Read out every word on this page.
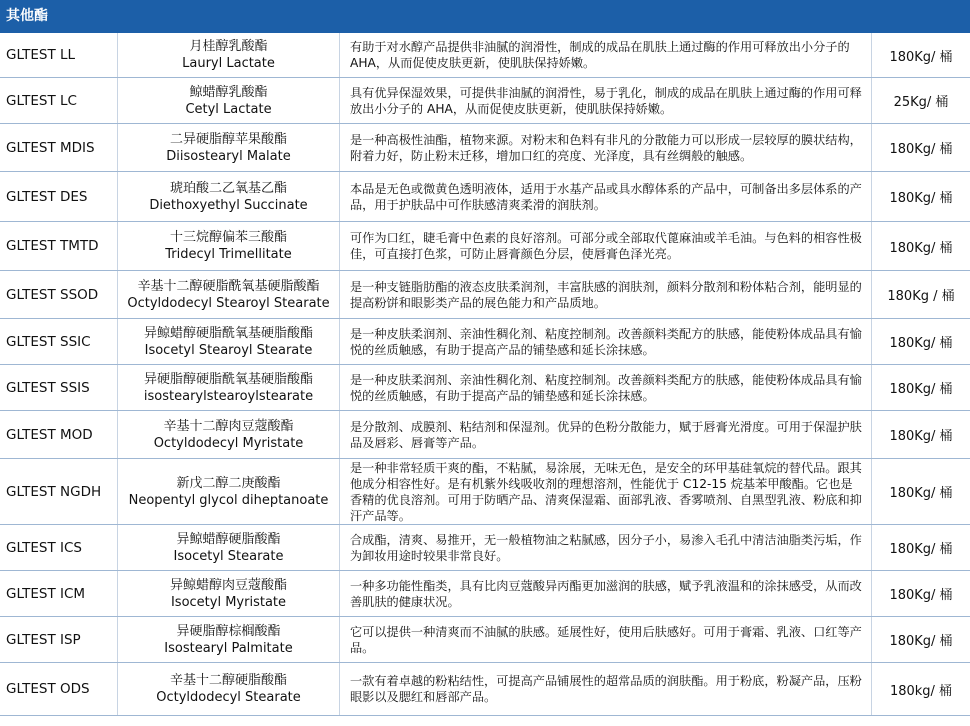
其他酯
GLTEST LL
月桂醇乳酸酯
Lauryl Lactate
有助于对水醇产品提供非油腻的润滑性，制成的成品在肌肤上通过酶的作用可释放出小分子的 AHA，从而促使皮肤更新，使肌肤保持娇嫩。	180Kg/ 桶
GLTEST LC
鲸蜡醇乳酸酯
Cetyl Lactate
具有优异保湿效果，可提供非油腻的润滑性，易于乳化，制成的成品在肌肤上通过酶的作用可释放出小分子的 AHA，从而促使皮肤更新，使肌肤保持娇嫩。	25Kg/ 桶
GLTEST MDIS
二异硬脂醇苹果酸酯
Diisostearyl Malate
是一种高极性油酯，植物来源。对粉末和色料有非凡的分散能力可以形成一层较厚的膜状结构，附着力好，防止粉末迁移，增加口红的亮度、光泽度，具有丝绸般的触感。	180Kg/ 桶
GLTEST DES
琥珀酸二乙氧基乙酯
Diethoxyethyl Succinate
本品是无色或微黄色透明液体，适用于水基产品或具水醇体系的产品中，可制备出多层体系的产品，用于护肤品中可作肤感清爽柔滑的润肤剂。	180Kg/ 桶
GLTEST TMTD
十三烷醇偏苯三酸酯
Tridecyl Trimellitate
可作为口红，睫毛膏中色素的良好溶剂。可部分或全部取代蓖麻油或羊毛油。与色料的相容性极佳，可直接打色浆，可防止唇膏颜色分层，使唇膏色泽光亮。	180Kg/ 桶
GLTEST SSOD
辛基十二醇硬脂酰氧基硬脂酸酯
Octyldodecyl Stearoyl Stearate
是一种支链脂肪酯的液态皮肤柔润剂，丰富肤感的润肤剂，颜料分散剂和粉体粘合剂，能明显的提高粉饼和眼影类产品的展色能力和产品质地。	180Kg / 桶
GLTEST SSIC
异鲸蜡醇硬脂酰氧基硬脂酸酯
Isocetyl Stearoyl Stearate
是一种皮肤柔润剂、亲油性稠化剂、粘度控制剂。改善颜料类配方的肤感，能使粉体成品具有愉悦的丝质触感，有助于提高产品的铺垫感和延长涂抹感。	180Kg/ 桶
GLTEST SSIS
异硬脂醇硬脂酰氧基硬脂酸酯
isostearylstearoylstearate
是一种皮肤柔润剂、亲油性稠化剂、粘度控制剂。改善颜料类配方的肤感，能使粉体成品具有愉悦的丝质触感，有助于提高产品的铺垫感和延长涂抹感。	180Kg/ 桶
GLTEST MOD
辛基十二醇肉豆蔻酸酯
Octyldodecyl Myristate
是分散剂、成膜剂、粘结剂和保湿剂。优异的色粉分散能力，赋于唇膏光滑度。可用于保湿护肤品及唇彩、唇膏等产品。	180Kg/ 桶
GLTEST NGDH
新戊二醇二庚酸酯
Neopentyl glycol diheptanoate
是一种非常轻质干爽的酯，不粘腻，易涂展，无味无色，是安全的环甲基硅氧烷的替代品。跟其他成分相容性好。是有机紫外线吸收剂的理想溶剂，性能优于 C12-15 烷基苯甲酸酯。它也是香精的优良溶剂。可用于防晒产品、清爽保湿霜、面部乳液、香雾喷剂、自黑型乳液、粉底和抑汗产品等。
180Kg/ 桶
GLTEST ICS
异鲸蜡醇硬脂酸酯
Isocetyl Stearate
合成酯，清爽、易推开，无一般植物油之粘腻感，因分子小，易渗入毛孔中清洁油脂类污垢，作为卸妆用途时较果非常良好。	180Kg/ 桶
GLTEST ICM
异鲸蜡醇肉豆蔻酸酯
Isocetyl Myristate
一种多功能性酯类，具有比肉豆蔻酸异丙酯更加滋润的肤感，赋予乳液温和的涂抹感受，从而改善肌肤的健康状况。	180Kg/ 桶
GLTEST ISP
异硬脂醇棕榈酸酯
Isostearyl Palmitate
它可以提供一种清爽而不油腻的肤感。延展性好，使用后肤感好。可用于膏霜、乳液、口红等产品。	180Kg/ 桶
GLTEST ODS
辛基十二醇硬脂酸酯
Octyldodecyl Stearate
一款有着卓越的粉粘结性，可提高产品铺展性的超常品质的润肤酯。用于粉底，粉凝产品，压粉眼影以及腮红和唇部产品。	180kg/ 桶
